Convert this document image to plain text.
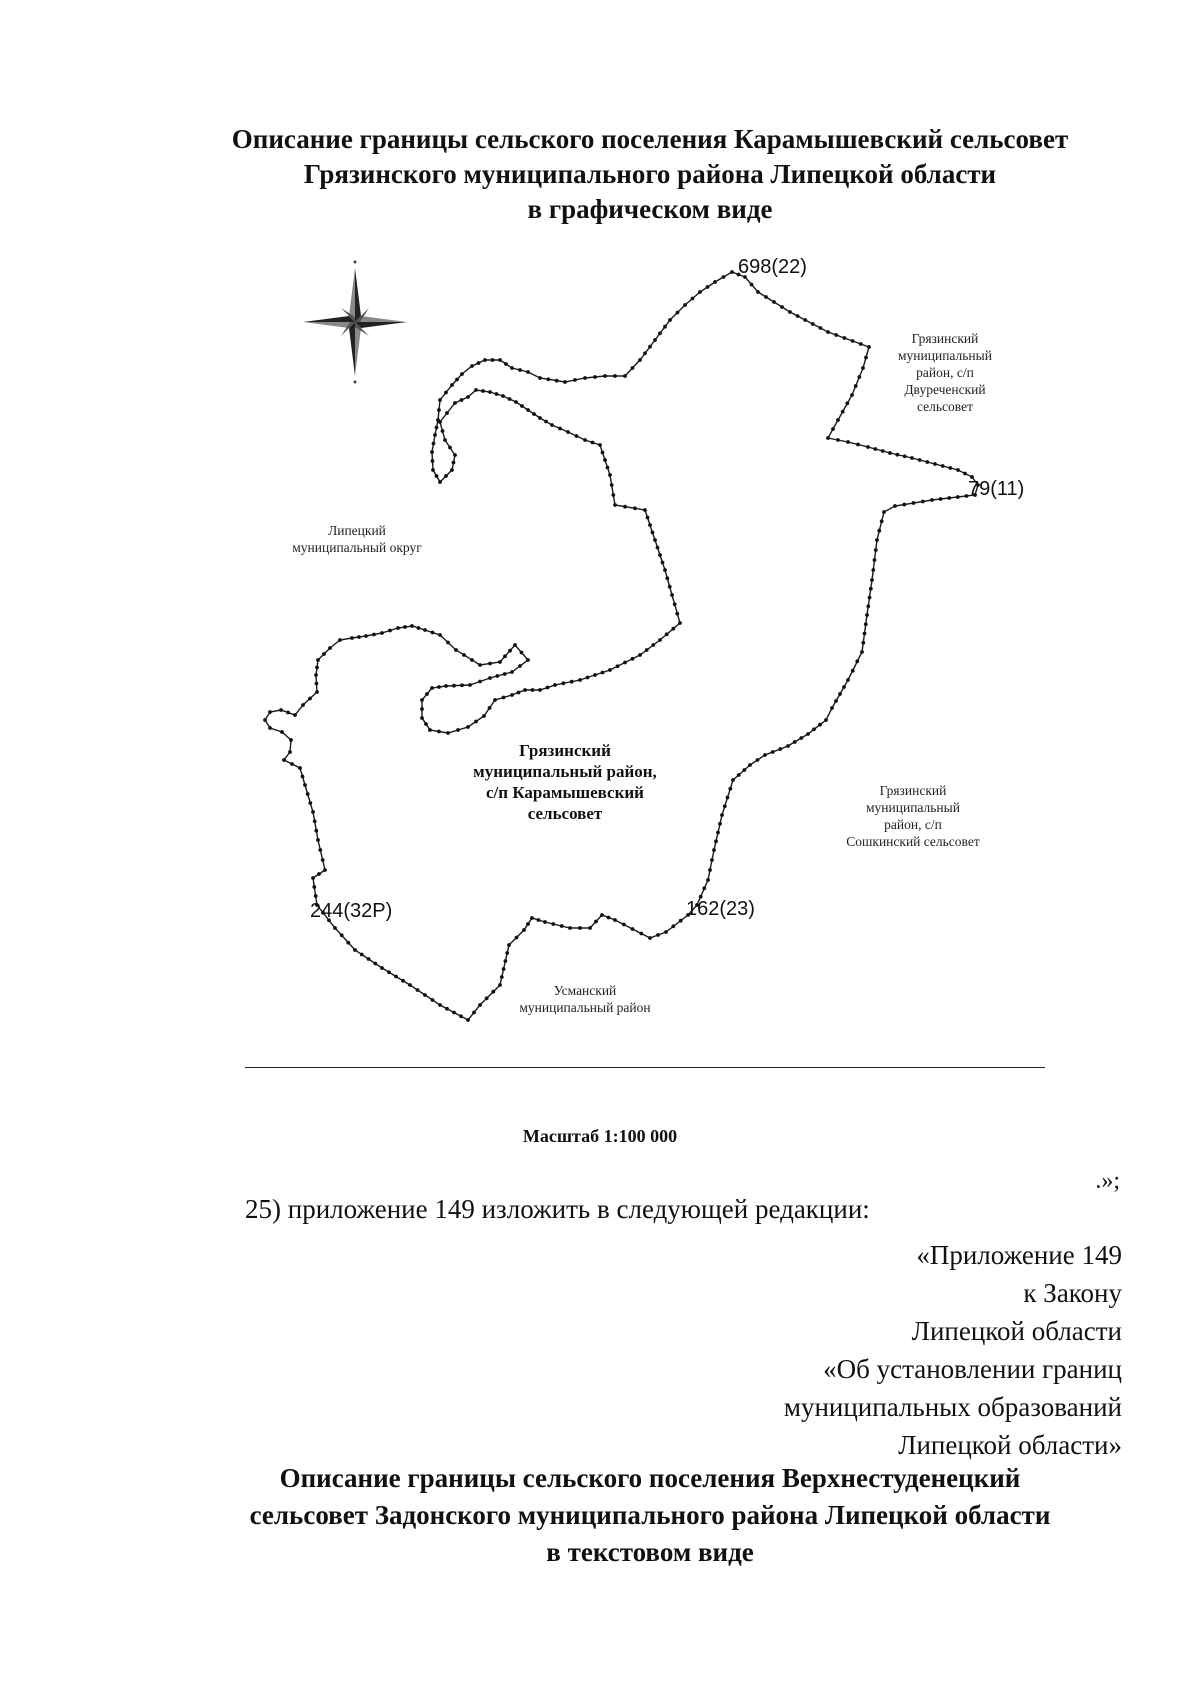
Описание границы сельского поселения Карамышевский сельсовет
Грязинского муниципального района Липецкой области
в графическом виде
698(22)
79(11)
162(23)
244(32Р)
Грязинский
муниципальный
район, с/п
Двуреченский
сельсовет
Липецкий
муниципальный округ
Грязинский
муниципальный район,
с/п Карамышевский
сельсовет
Грязинский
муниципальный
район, с/п
Сошкинский сельсовет
Усманский
муниципальный район
Масштаб 1:100 000
.»;
25) приложение 149 изложить в следующей редакции:
«Приложение 149
к Закону
Липецкой области
«Об установлении границ
муниципальных образований
Липецкой области»
Описание границы сельского поселения Верхнестуденецкий
сельсовет Задонского муниципального района Липецкой области
в текстовом виде
